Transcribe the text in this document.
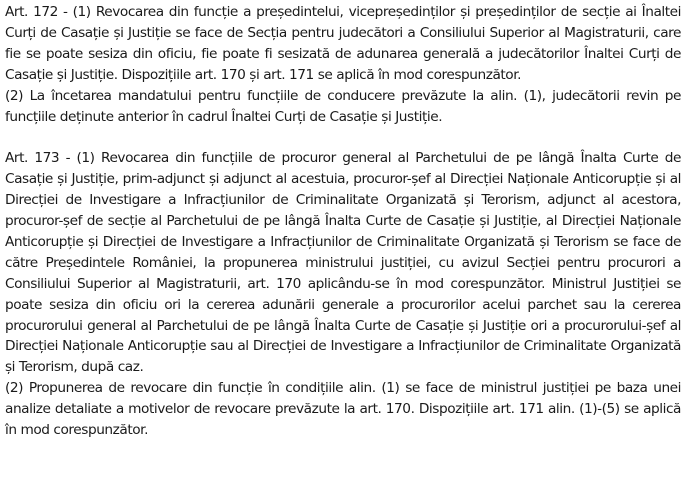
Art. 172 - (1) Revocarea din funcție a președintelui, vicepreședinților și președinților de secție ai Înaltei Curți de Casație și Justiție se face de Secția pentru judecători a Consiliului Superior al Magistraturii, care fie se poate sesiza din oficiu, fie poate fi sesizată de adunarea generală a judecătorilor Înaltei Curți de Casație și Justiție. Dispozițiile art. 170 și art. 171 se aplică în mod corespunzător.

(2) La încetarea mandatului pentru funcțiile de conducere prevăzute la alin. (1), judecătorii revin pe funcțiile deținute anterior în cadrul Înaltei Curți de Casație și Justiție.

Art. 173 - (1) Revocarea din funcțiile de procuror general al Parchetului de pe lângă Înalta Curte de Casație și Justiție, prim-adjunct și adjunct al acestuia, procuror-șef al Direcției Naționale Anticorupție și al Direcției de Investigare a Infracțiunilor de Criminalitate Organizată și Terorism, adjunct al acestora, procuror-șef de secție al Parchetului de pe lângă Înalta Curte de Casație și Justiție, al Direcției Naționale Anticorupție și Direcției de Investigare a Infracțiunilor de Criminalitate Organizată și Terorism se face de către Președintele României, la propunerea ministrului justiției, cu avizul Secției pentru procurori a Consiliului Superior al Magistraturii, art. 170 aplicându-se în mod corespunzător. Ministrul Justiției se poate sesiza din oficiu ori la cererea adunării generale a procurorilor acelui parchet sau la cererea procurorului general al Parchetului de pe lângă Înalta Curte de Casație și Justiție ori a procurorului-șef al Direcției Naționale Anticorupție sau al Direcției de Investigare a Infracțiunilor de Criminalitate Organizată și Terorism, după caz.

(2) Propunerea de revocare din funcție în condițiile alin. (1) se face de ministrul justiției pe baza unei analize detaliate a motivelor de revocare prevăzute la art. 170. Dispozițiile art. 171 alin. (1)-(5) se aplică în mod corespunzător.
